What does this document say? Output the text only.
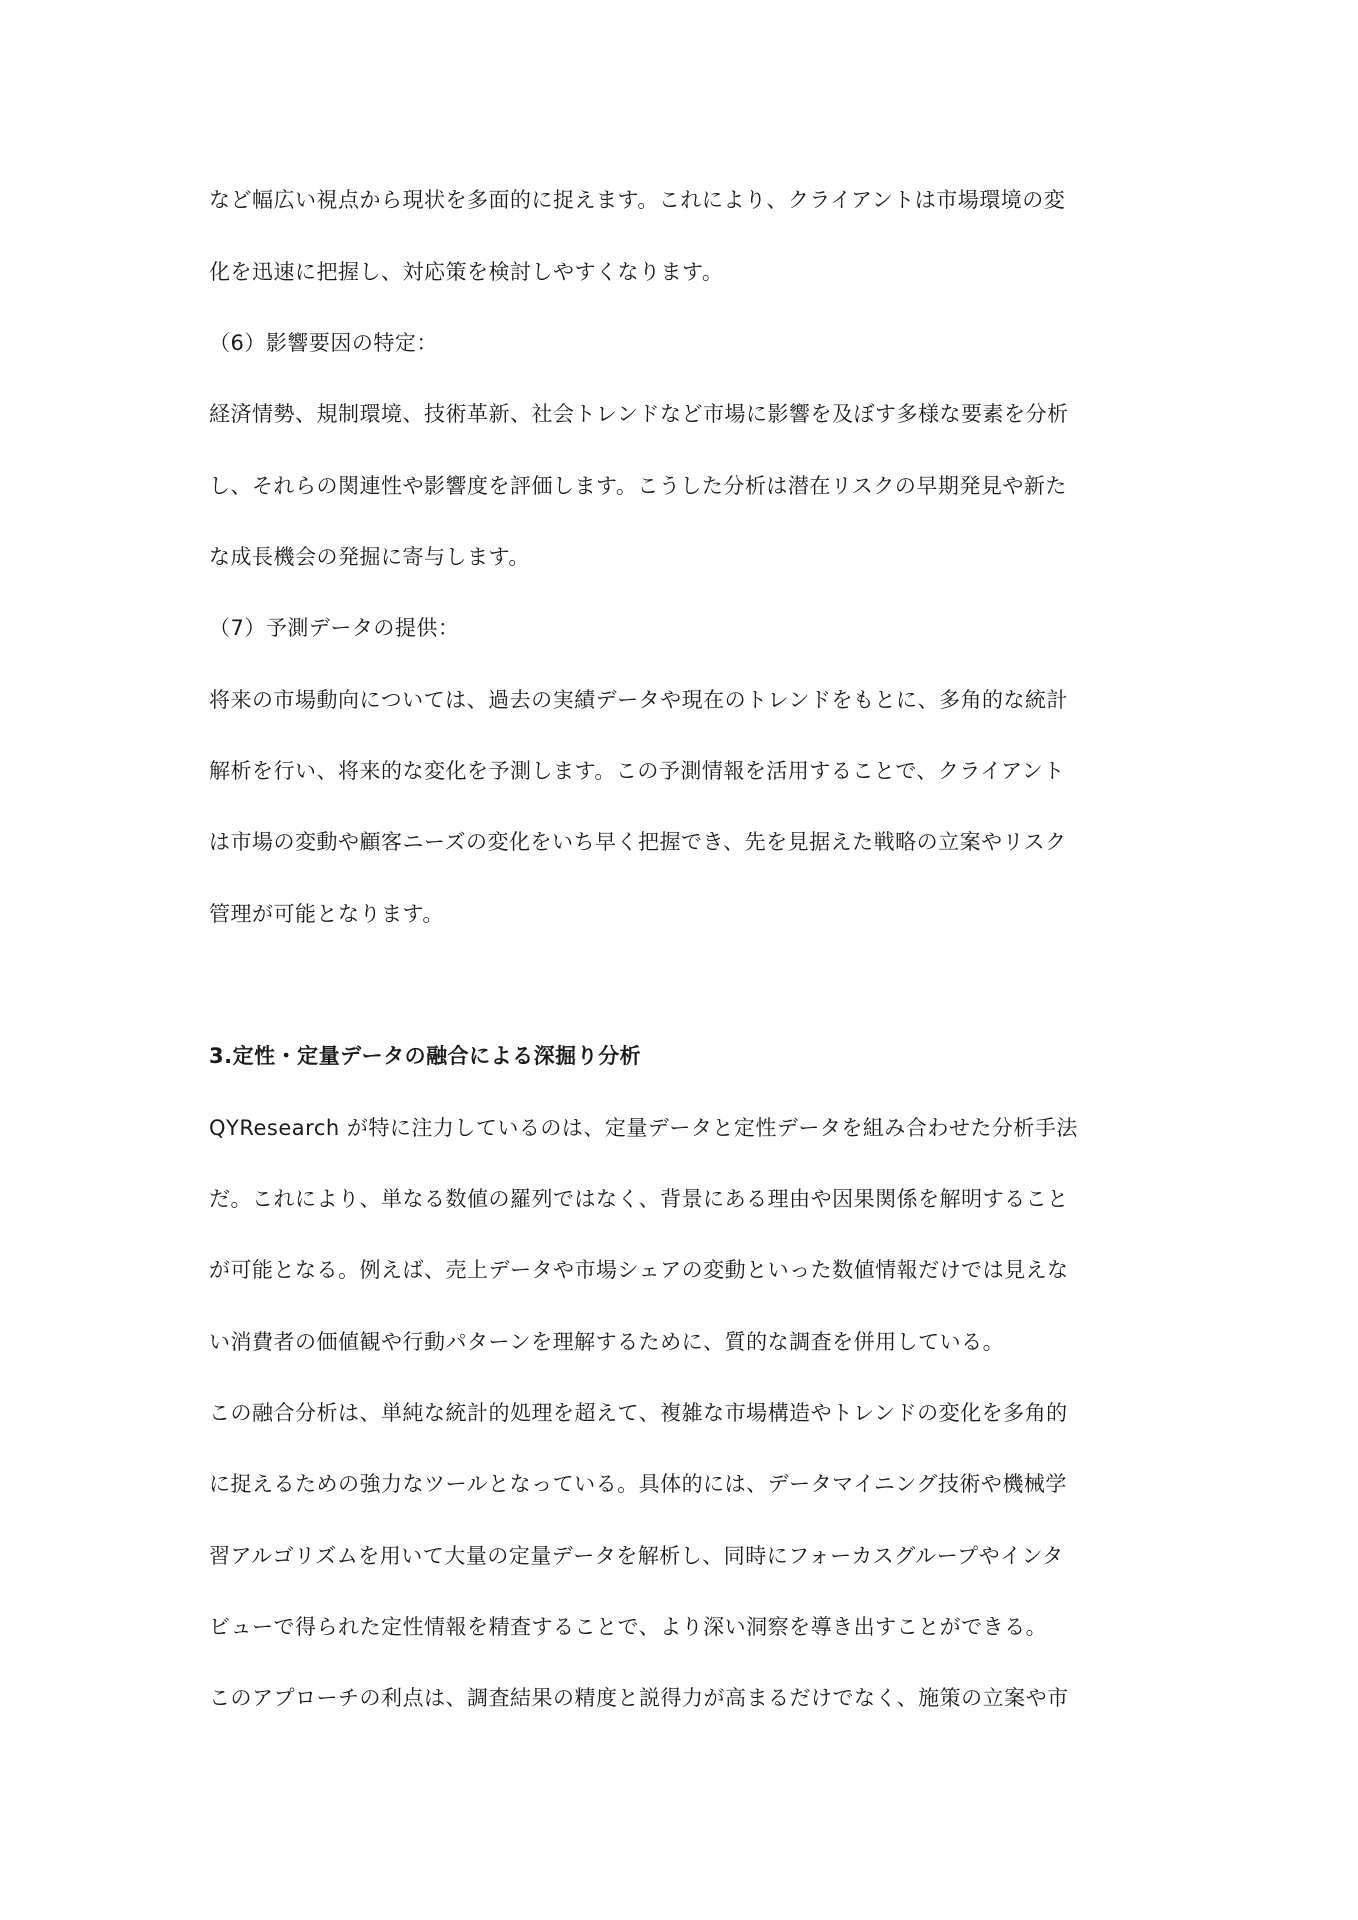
など幅広い視点から現状を多面的に捉えます。これにより、クライアントは市場環境の変
化を迅速に把握し、対応策を検討しやすくなります。
（6）影響要因の特定：
経済情勢、規制環境、技術革新、社会トレンドなど市場に影響を及ぼす多様な要素を分析
し、それらの関連性や影響度を評価します。こうした分析は潜在リスクの早期発見や新た
な成長機会の発掘に寄与します。
（7）予測データの提供：
将来の市場動向については、過去の実績データや現在のトレンドをもとに、多角的な統計
解析を行い、将来的な変化を予測します。この予測情報を活用することで、クライアント
は市場の変動や顧客ニーズの変化をいち早く把握でき、先を見据えた戦略の立案やリスク
管理が可能となります。
3.定性・定量データの融合による深掘り分析
QYResearch が特に注力しているのは、定量データと定性データを組み合わせた分析手法
だ。これにより、単なる数値の羅列ではなく、背景にある理由や因果関係を解明すること
が可能となる。例えば、売上データや市場シェアの変動といった数値情報だけでは見えな
い消費者の価値観や行動パターンを理解するために、質的な調査を併用している。
この融合分析は、単純な統計的処理を超えて、複雑な市場構造やトレンドの変化を多角的
に捉えるための強力なツールとなっている。具体的には、データマイニング技術や機械学
習アルゴリズムを用いて大量の定量データを解析し、同時にフォーカスグループやインタ
ビューで得られた定性情報を精査することで、より深い洞察を導き出すことができる。
このアプローチの利点は、調査結果の精度と説得力が高まるだけでなく、施策の立案や市
